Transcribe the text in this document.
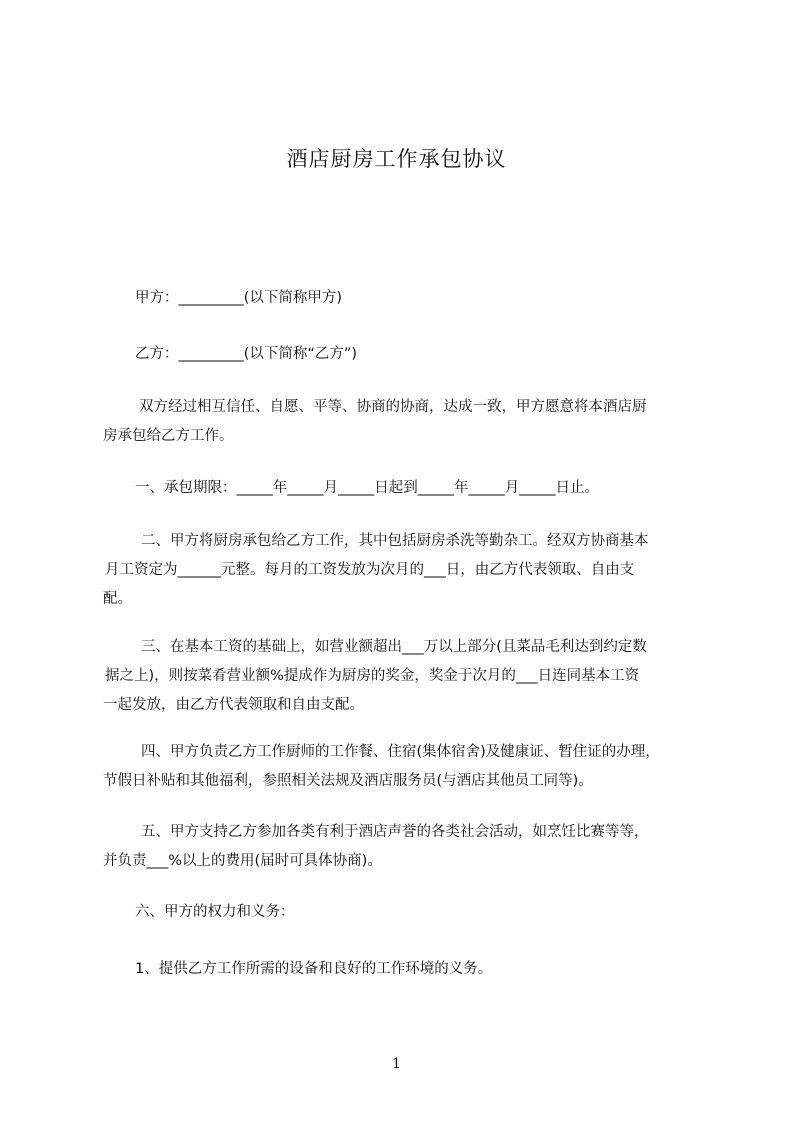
酒店厨房工作承包协议

甲方：_________(以下简称甲方)

乙方：_________(以下简称“乙方”)

双方经过相互信任、自愿、平等、协商的协商，达成一致，甲方愿意将本酒店厨
房承包给乙方工作。

一、承包期限：_____年_____月_____日起到_____年_____月_____日止。

二、甲方将厨房承包给乙方工作，其中包括厨房杀洗等勤杂工。经双方协商基本
月工资定为______元整。每月的工资发放为次月的___日，由乙方代表领取、自由支
配。

三、在基本工资的基础上，如营业额超出___万以上部分(且菜品毛利达到约定数
据之上)，则按菜肴营业额%提成作为厨房的奖金，奖金于次月的___日连同基本工资
一起发放，由乙方代表领取和自由支配。

四、甲方负责乙方工作厨师的工作餐、住宿(集体宿舍)及健康证、暂住证的办理，
节假日补贴和其他福利，参照相关法规及酒店服务员(与酒店其他员工同等)。

五、甲方支持乙方参加各类有利于酒店声誉的各类社会活动，如烹饪比赛等等，
并负责___%以上的费用(届时可具体协商)。

六、甲方的权力和义务：

1、提供乙方工作所需的设备和良好的工作环境的义务。

1
